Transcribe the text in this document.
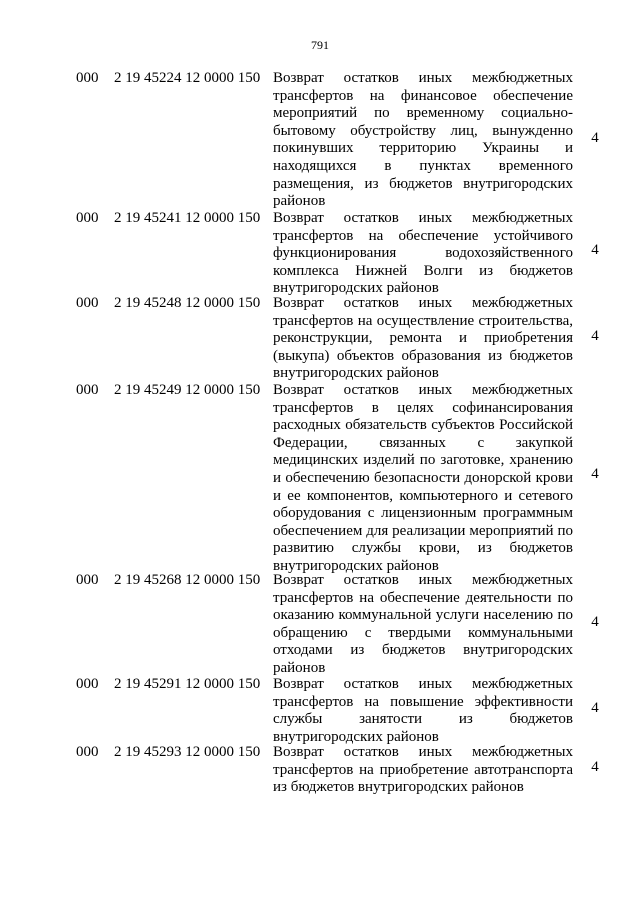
791
000 2 19 45224 12 0000 150 Возврат остатков иных межбюджетных трансфертов на финансовое обеспечение мероприятий по временному социально-бытовому обустройству лиц, вынужденно покинувших территорию Украины и находящихся в пунктах временного размещения, из бюджетов внутригородских районов
4
000 2 19 45241 12 0000 150 Возврат остатков иных межбюджетных трансфертов на обеспечение устойчивого функционирования водохозяйственного комплекса Нижней Волги из бюджетов внутригородских районов
4
000 2 19 45248 12 0000 150 Возврат остатков иных межбюджетных трансфертов на осуществление строительства, реконструкции, ремонта и приобретения (выкупа) объектов образования из бюджетов внутригородских районов
4
000 2 19 45249 12 0000 150 Возврат остатков иных межбюджетных трансфертов в целях софинансирования расходных обязательств субъектов Российской Федерации, связанных с закупкой медицинских изделий по заготовке, хранению и обеспечению безопасности донорской крови и ее компонентов, компьютерного и сетевого оборудования с лицензионным программным обеспечением для реализации мероприятий по развитию службы крови, из бюджетов внутригородских районов
4
000 2 19 45268 12 0000 150 Возврат остатков иных межбюджетных трансфертов на обеспечение деятельности по оказанию коммунальной услуги населению по обращению с твердыми коммунальными отходами из бюджетов внутригородских районов
4
000 2 19 45291 12 0000 150 Возврат остатков иных межбюджетных трансфертов на повышение эффективности службы занятости из бюджетов внутригородских районов
4
000 2 19 45293 12 0000 150 Возврат остатков иных межбюджетных трансфертов на приобретение автотранспорта из бюджетов внутригородских районов
4
